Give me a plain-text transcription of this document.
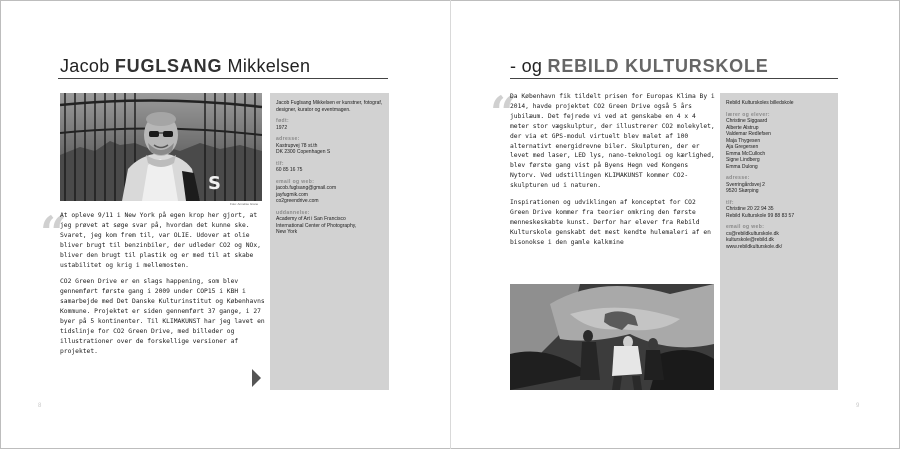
Jacob FUGLSANG Mikkelsen
S
Foto: Annelise Grane
“

At opleve 9/11 i New York på egen krop her gjort, at jeg prøvet at søge svar på, hvordan det kunne ske. Svaret, jeg kom frem til, var OLIE. Udover at olie bliver brugt til benzinbiler, der udleder CO2 og NOx, bliver den brugt til plastik og er med til at skabe ustabilitet og krig i mellemosten.

CO2 Green Drive er en slags happening, som blev gennemført første gang i 2009 under COP15 i KBH i samarbejde med Det Danske Kulturinstitut og Københavns Kommune. Projektet er siden gennemført 37 gange, i 27 byer på 5 kontinenter. Til KLIMAKUNST har jeg lavet en tidslinje for CO2 Green Drive, med billeder og illustrationer over de forskellige versioner af projektet.

Jacob Fuglsang Mikkelsen er kunstner, fotograf, designer, kurator og eventmagen.
født:
1972
adresse:
Kastrupvej 78 st.th
DK 2300 Copenhagen S
tlf:
60 85 16 75
email og web:
jacob.fuglsang@gmail.com
jayfugmik.com
co2greendrive.com
uddannelse:
Academy of Art i San Francisco
International Center of Photography,
New York
8
- og REBILD KULTURSKOLE
“

Da København fik tildelt prisen for Europas Klima By i 2014, havde projektet CO2 Green Drive også 5 års jubilæum. Det fejrede vi ved at genskabe en 4 x 4 meter stor vægskulptur, der illustrerer CO2 molekylet, der via et GPS-modul virtuelt blev malet af 100 alternativt energidrevne biler. Skulpturen, der er levet med laser, LED lys, nano-teknologi og kærlighed, blev første gang vist på Byens Hegn ved Kongens Nytorv. Ved udstillingen KLIMAKUNST kommer CO2-skulpturen ud i naturen.

Inspirationen og udviklingen af konceptet for CO2 Green Drive kommer fra teorier omkring den første menneskeskabte kunst. Derfor har elever fra Rebild Kulturskole genskabt det mest kendte hulemaleri af en bisonokse i den gamle kalkmine

Rebild Kulturskoles billedskole
lærer og elever:
Christine Siggaard
Alberte Alstrup
Valdemar Redlefsen
Maja Thygesen
Aja Gregersen
Emma McCulloch
Signe Lindberg
Emma Dulong
adresse:
Sverringårdsvej 2
9520 Skørping
tlf:
Christine 20 22 94 35
Rebild Kulturskole 99 88 83 57
email og web:
cs@rebildkulturskole.dk
kulturskole@rebild.dk
www.rebildkulturskole.dk/
9
